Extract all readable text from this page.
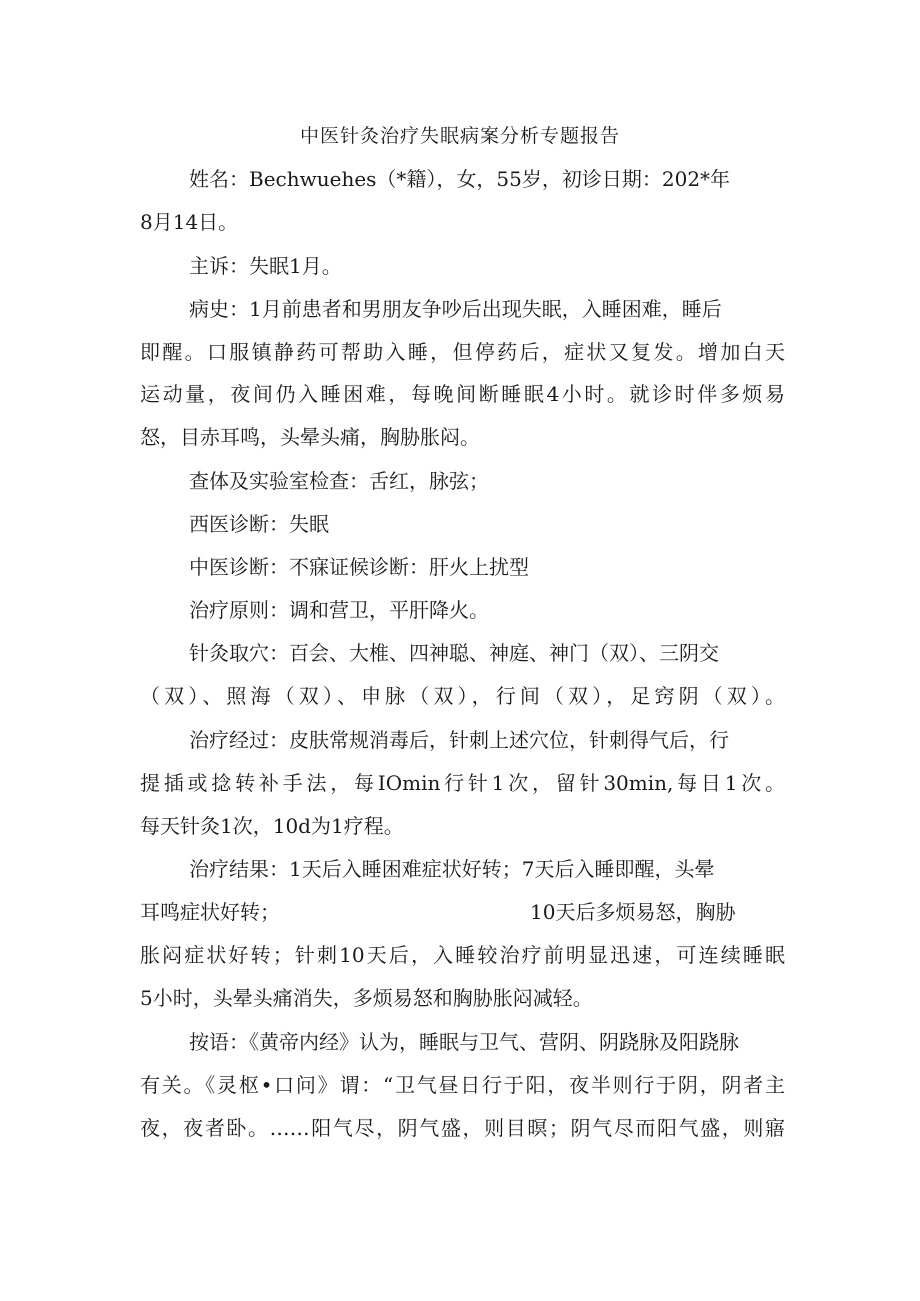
中医针灸治疗失眠病案分析专题报告
姓名：Bechwuehes（*籍），女，55岁，初诊日期：202*年
8月14日。
主诉：失眠1月。
病史：1月前患者和男朋友争吵后出现失眠，入睡困难，睡后
即醒。口服镇静药可帮助入睡，但停药后，症状又复发。增加白天
运动量，夜间仍入睡困难，每晚间断睡眠4小时。就诊时伴多烦易
怒，目赤耳鸣，头晕头痛，胸胁胀闷。
查体及实验室检查：舌红，脉弦；
西医诊断：失眠
中医诊断：不寐证候诊断：肝火上扰型
治疗原则：调和营卫，平肝降火。
针灸取穴：百会、大椎、四神聪、神庭、神门（双）、三阴交
（双）、照海（双）、申脉（双），行间（双），足窍阴（双）。
治疗经过：皮肤常规消毒后，针刺上述穴位，针刺得气后，行
提插或捻转补手法，每IOmin行针1次，留针30min,每日1次。
每天针灸1次，10d为1疗程。
治疗结果：1天后入睡困难症状好转；7天后入睡即醒，头晕
耳鸣症状好转；	10天后多烦易怒，胸胁
胀闷症状好转；针刺10天后，入睡较治疗前明显迅速，可连续睡眠
5小时，头晕头痛消失，多烦易怒和胸胁胀闷减轻。
按语：《黄帝内经》认为，睡眠与卫气、营阴、阴跷脉及阳跷脉
有关。《灵枢•口问》谓：“卫气昼日行于阳，夜半则行于阴，阴者主
夜，夜者卧。……阳气尽，阴气盛，则目暝；阴气尽而阳气盛，则寤
